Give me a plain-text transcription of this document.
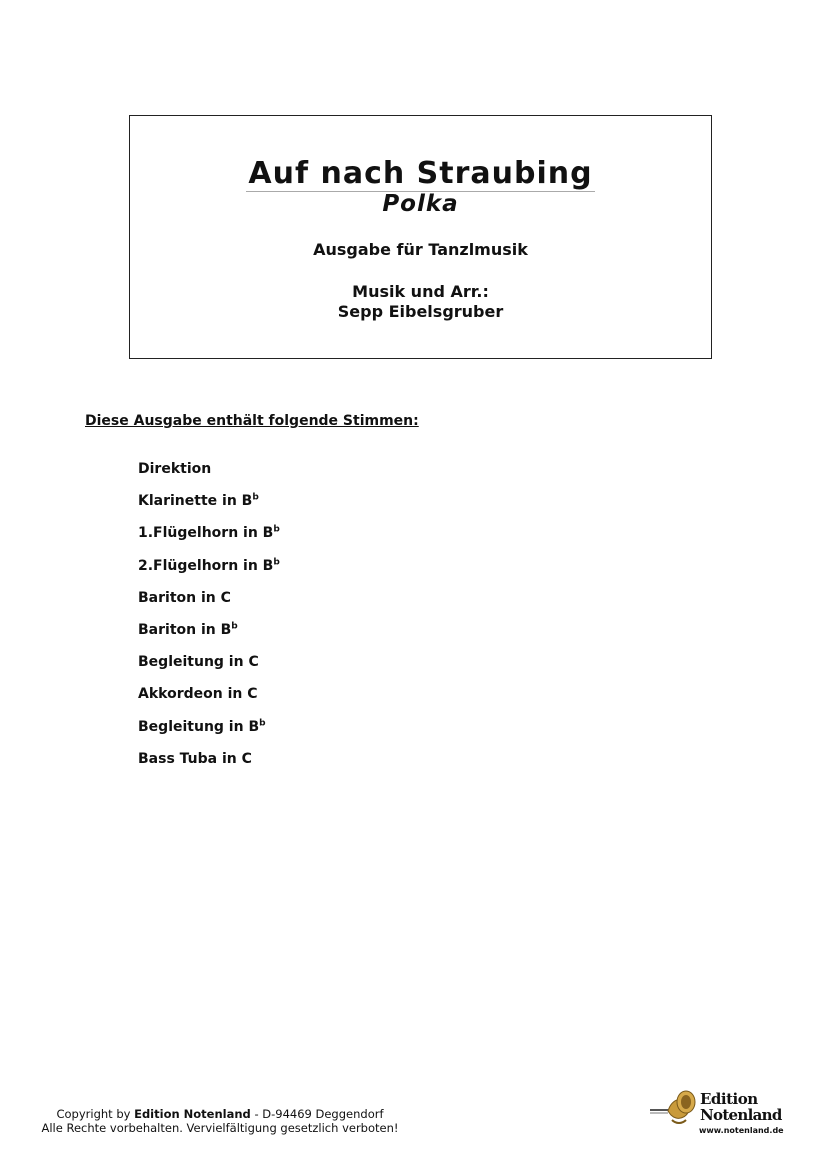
Auf nach Straubing
Polka
Ausgabe für Tanzlmusik
Musik und Arr.:
Sepp Eibelsgruber
Diese Ausgabe enthält folgende Stimmen:
Direktion
Klarinette in $B^b$
1.Flügelhorn in $B^b$
2.Flügelhorn in $B^b$
Bariton in C
Bariton in $B^b$
Begleitung in C
Akkordeon in C
Begleitung in $B^b$
Bass Tuba in C
Copyright by Edition Notenland - D-94469 Deggendorf
Alle Rechte vorbehalten. Vervielfältigung gesetzlich verboten!
Edition
Notenland
www.notenland.de
